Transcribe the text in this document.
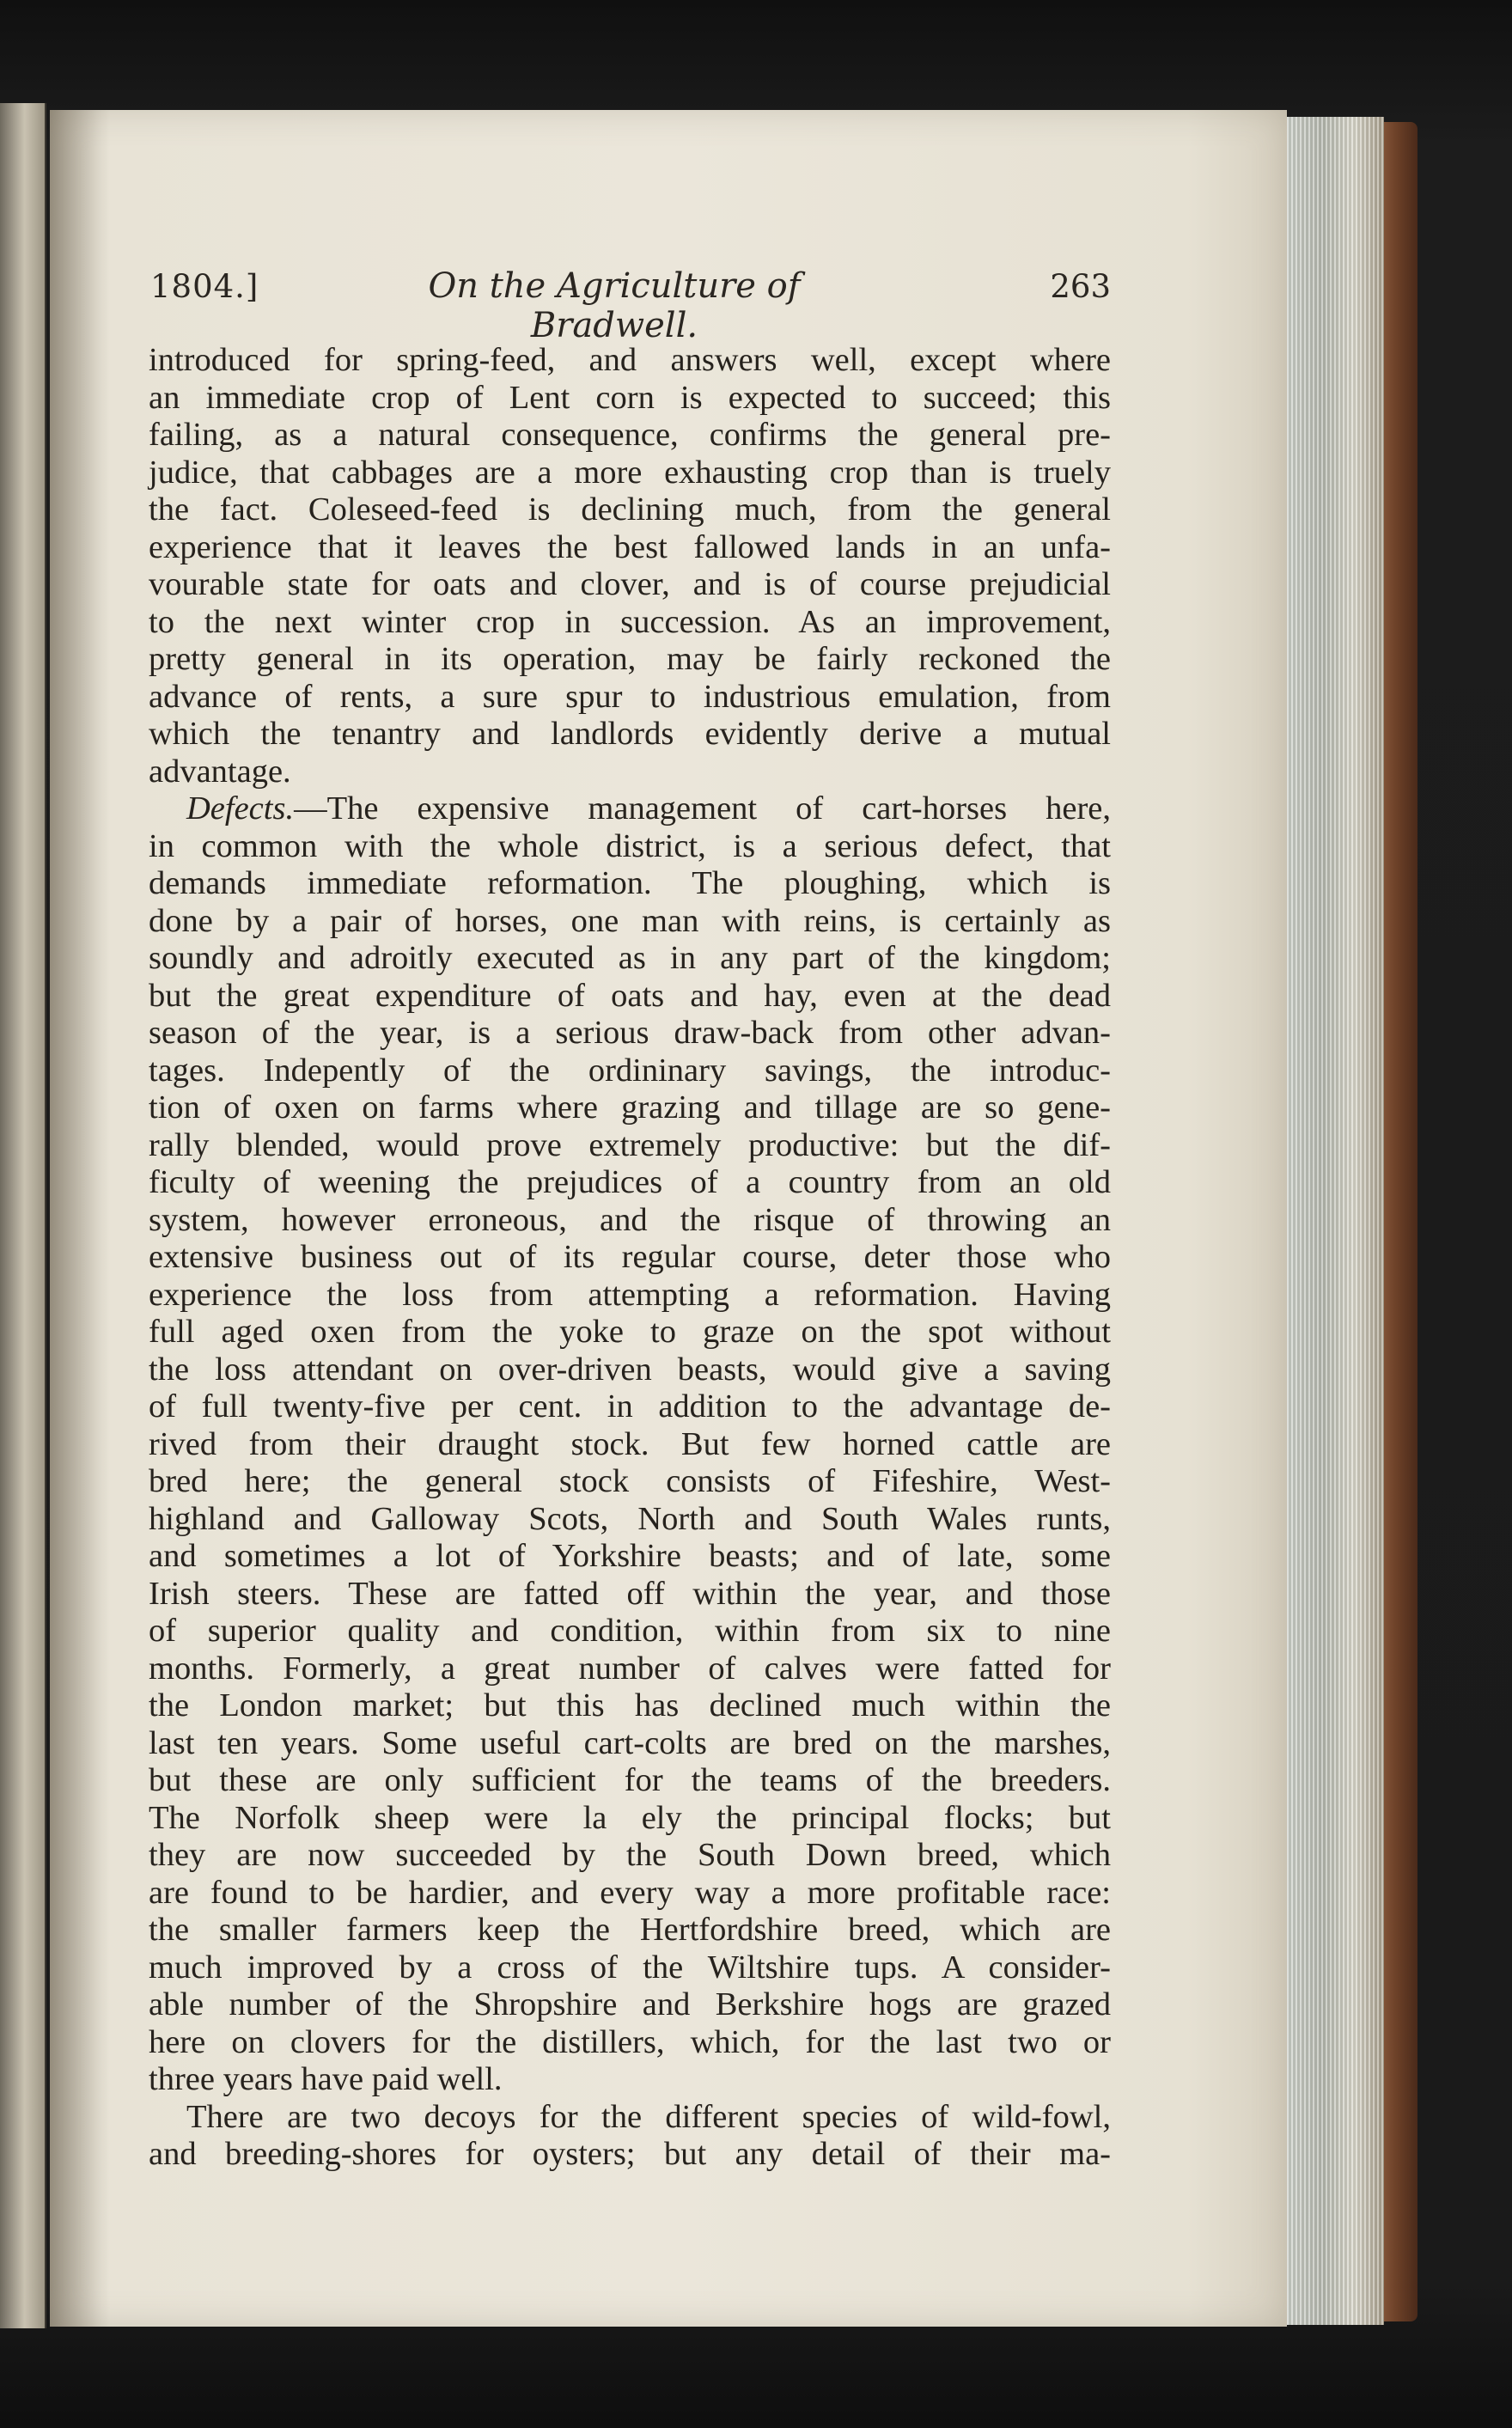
1804.]	On the Agriculture of Bradwell.
263
introduced for spring-feed, and answers well, except where
an immediate crop of Lent corn is expected to succeed; this
failing, as a natural consequence, confirms the general pre-
judice, that cabbages are a more exhausting crop than is truely
the fact. Coleseed-feed is declining much, from the general
experience that it leaves the best fallowed lands in an unfa-
vourable state for oats and clover, and is of course prejudicial
to the next winter crop in succession. As an improvement,
pretty general in its operation, may be fairly reckoned the
advance of rents, a sure spur to industrious emulation, from
which the tenantry and landlords evidently derive a mutual
advantage.
Defects.—The expensive management of cart-horses here,
in common with the whole district, is a serious defect, that
demands immediate reformation. The ploughing, which is
done by a pair of horses, one man with reins, is certainly as
soundly and adroitly executed as in any part of the kingdom;
but the great expenditure of oats and hay, even at the dead
season of the year, is a serious draw-back from other advan-
tages. Indepently of the ordininary savings, the introduc-
tion of oxen on farms where grazing and tillage are so gene-
rally blended, would prove extremely productive: but the dif-
ficulty of weening the prejudices of a country from an old
system, however erroneous, and the risque of throwing an
extensive business out of its regular course, deter those who
experience the loss from attempting a reformation. Having
full aged oxen from the yoke to graze on the spot without
the loss attendant on over-driven beasts, would give a saving
of full twenty-five per cent. in addition to the advantage de-
rived from their draught stock. But few horned cattle are
bred here; the general stock consists of Fifeshire, West-
highland and Galloway Scots, North and South Wales runts,
and sometimes a lot of Yorkshire beasts; and of late, some
Irish steers. These are fatted off within the year, and those
of superior quality and condition, within from six to nine
months. Formerly, a great number of calves were fatted for
the London market; but this has declined much within the
last ten years. Some useful cart-colts are bred on the marshes,
but these are only sufficient for the teams of the breeders.
The Norfolk sheep were la ely the principal flocks; but
they are now succeeded by the South Down breed, which
are found to be hardier, and every way a more profitable race:
the smaller farmers keep the Hertfordshire breed, which are
much improved by a cross of the Wiltshire tups. A consider-
able number of the Shropshire and Berkshire hogs are grazed
here on clovers for the distillers, which, for the last two or
three years have paid well.
There are two decoys for the different species of wild-fowl,
and breeding-shores for oysters; but any detail of their ma-
